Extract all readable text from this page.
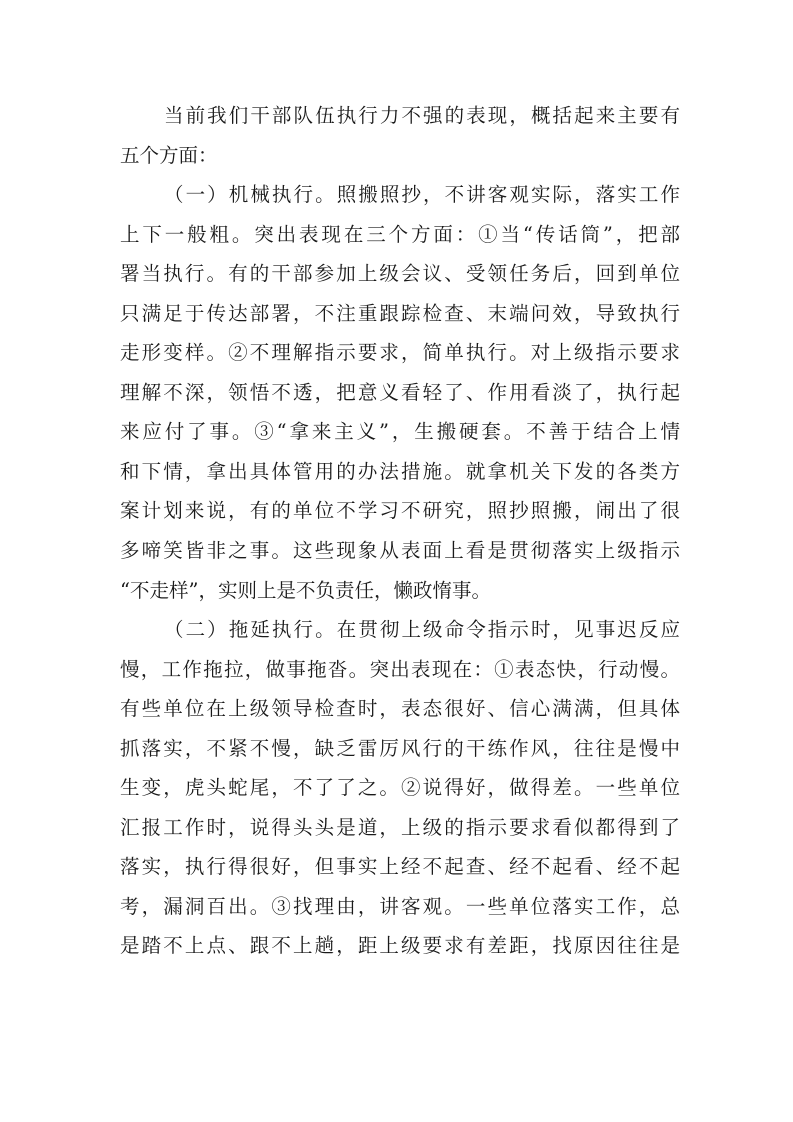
当前我们干部队伍执行力不强的表现，概括起来主要有
五个方面：
（一）机械执行。照搬照抄，不讲客观实际，落实工作
上下一般粗。突出表现在三个方面：①当“传话筒”，把部
署当执行。有的干部参加上级会议、受领任务后，回到单位
只满足于传达部署，不注重跟踪检查、末端问效，导致执行
走形变样。②不理解指示要求，简单执行。对上级指示要求
理解不深，领悟不透，把意义看轻了、作用看淡了，执行起
来应付了事。③“拿来主义”，生搬硬套。不善于结合上情
和下情，拿出具体管用的办法措施。就拿机关下发的各类方
案计划来说，有的单位不学习不研究，照抄照搬，闹出了很
多啼笑皆非之事。这些现象从表面上看是贯彻落实上级指示
“不走样”，实则上是不负责任，懒政惰事。
（二）拖延执行。在贯彻上级命令指示时，见事迟反应
慢，工作拖拉，做事拖沓。突出表现在：①表态快，行动慢。
有些单位在上级领导检查时，表态很好、信心满满，但具体
抓落实，不紧不慢，缺乏雷厉风行的干练作风，往往是慢中
生变，虎头蛇尾，不了了之。②说得好，做得差。一些单位
汇报工作时，说得头头是道，上级的指示要求看似都得到了
落实，执行得很好，但事实上经不起查、经不起看、经不起
考，漏洞百出。③找理由，讲客观。一些单位落实工作，总
是踏不上点、跟不上趟，距上级要求有差距，找原因往往是
